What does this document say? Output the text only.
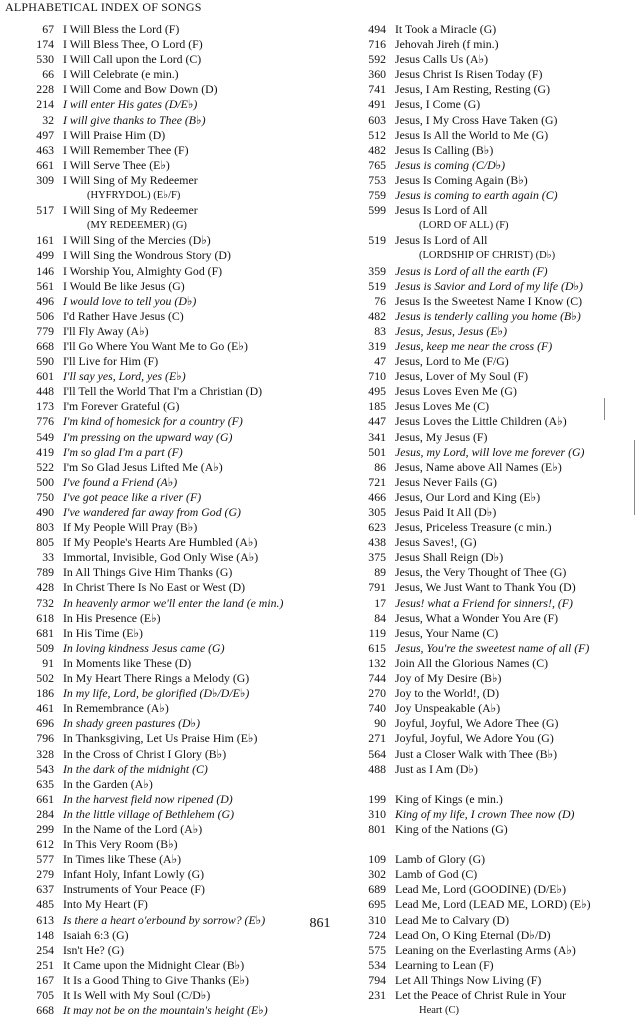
ALPHABETICAL INDEX OF SONGS
67 I Will Bless the Lord (F)
174 I Will Bless Thee, O Lord (F)
530 I Will Call upon the Lord (C)
66 I Will Celebrate (e min.)
228 I Will Come and Bow Down (D)
214 I will enter His gates (D/E♭)
32 I will give thanks to Thee (B♭)
497 I Will Praise Him (D)
463 I Will Remember Thee (F)
661 I Will Serve Thee (E♭)
309 I Will Sing of My Redeemer
(HYFRYDOL) (E♭/F)
517 I Will Sing of My Redeemer
(MY REDEEMER) (G)
161 I Will Sing of the Mercies (D♭)
499 I Will Sing the Wondrous Story (D)
146 I Worship You, Almighty God (F)
561 I Would Be like Jesus (G)
496 I would love to tell you (D♭)
506 I'd Rather Have Jesus (C)
779 I'll Fly Away (A♭)
668 I'll Go Where You Want Me to Go (E♭)
590 I'll Live for Him (F)
601 I'll say yes, Lord, yes (E♭)
448 I'll Tell the World That I'm a Christian (D)
173 I'm Forever Grateful (G)
776 I'm kind of homesick for a country (F)
549 I'm pressing on the upward way (G)
419 I'm so glad I'm a part (F)
522 I'm So Glad Jesus Lifted Me (A♭)
500 I've found a Friend (A♭)
750 I've got peace like a river (F)
490 I've wandered far away from God (G)
803 If My People Will Pray (B♭)
805 If My People's Hearts Are Humbled (A♭)
33 Immortal, Invisible, God Only Wise (A♭)
789 In All Things Give Him Thanks (G)
428 In Christ There Is No East or West (D)
732 In heavenly armor we'll enter the land (e min.)
618 In His Presence (E♭)
681 In His Time (E♭)
509 In loving kindness Jesus came (G)
91 In Moments like These (D)
502 In My Heart There Rings a Melody (G)
186 In my life, Lord, be glorified (D♭/D/E♭)
461 In Remembrance (A♭)
696 In shady green pastures (D♭)
796 In Thanksgiving, Let Us Praise Him (E♭)
328 In the Cross of Christ I Glory (B♭)
543 In the dark of the midnight (C)
635 In the Garden (A♭)
661 In the harvest field now ripened (D)
284 In the little village of Bethlehem (G)
299 In the Name of the Lord (A♭)
612 In This Very Room (B♭)
577 In Times like These (A♭)
279 Infant Holy, Infant Lowly (G)
637 Instruments of Your Peace (F)
485 Into My Heart (F)
613 Is there a heart o'erbound by sorrow? (E♭)
148 Isaiah 6:3 (G)
254 Isn't He? (G)
251 It Came upon the Midnight Clear (B♭)
167 It Is a Good Thing to Give Thanks (E♭)
705 It Is Well with My Soul (C/D♭)
668 It may not be on the mountain's height (E♭)
494 It Took a Miracle (G)
716 Jehovah Jireh (f min.)
592 Jesus Calls Us (A♭)
360 Jesus Christ Is Risen Today (F)
741 Jesus, I Am Resting, Resting (G)
491 Jesus, I Come (G)
603 Jesus, I My Cross Have Taken (G)
512 Jesus Is All the World to Me (G)
482 Jesus Is Calling (B♭)
765 Jesus is coming (C/D♭)
753 Jesus Is Coming Again (B♭)
759 Jesus is coming to earth again (C)
599 Jesus Is Lord of All
(LORD OF ALL) (F)
519 Jesus Is Lord of All
(LORDSHIP OF CHRIST) (D♭)
359 Jesus is Lord of all the earth (F)
519 Jesus is Savior and Lord of my life (D♭)
76 Jesus Is the Sweetest Name I Know (C)
482 Jesus is tenderly calling you home (B♭)
83 Jesus, Jesus, Jesus (E♭)
319 Jesus, keep me near the cross (F)
47 Jesus, Lord to Me (F/G)
710 Jesus, Lover of My Soul (F)
495 Jesus Loves Even Me (G)
185 Jesus Loves Me (C)
447 Jesus Loves the Little Children (A♭)
341 Jesus, My Jesus (F)
501 Jesus, my Lord, will love me forever (G)
86 Jesus, Name above All Names (E♭)
721 Jesus Never Fails (G)
466 Jesus, Our Lord and King (E♭)
305 Jesus Paid It All (D♭)
623 Jesus, Priceless Treasure (c min.)
438 Jesus Saves!, (G)
375 Jesus Shall Reign (D♭)
89 Jesus, the Very Thought of Thee (G)
791 Jesus, We Just Want to Thank You (D)
17 Jesus! what a Friend for sinners!, (F)
84 Jesus, What a Wonder You Are (F)
119 Jesus, Your Name (C)
615 Jesus, You're the sweetest name of all (F)
132 Join All the Glorious Names (C)
744 Joy of My Desire (B♭)
270 Joy to the World!, (D)
740 Joy Unspeakable (A♭)
90 Joyful, Joyful, We Adore Thee (G)
271 Joyful, Joyful, We Adore You (G)
564 Just a Closer Walk with Thee (B♭)
488 Just as I Am (D♭)
199 King of Kings (e min.)
310 King of my life, I crown Thee now (D)
801 King of the Nations (G)
109 Lamb of Glory (G)
302 Lamb of God (C)
689 Lead Me, Lord (GOODINE) (D/E♭)
695 Lead Me, Lord (LEAD ME, LORD) (E♭)
310 Lead Me to Calvary (D)
724 Lead On, O King Eternal (D♭/D)
575 Leaning on the Everlasting Arms (A♭)
534 Learning to Lean (F)
794 Let All Things Now Living (F)
231 Let the Peace of Christ Rule in Your
Heart (C)
861
